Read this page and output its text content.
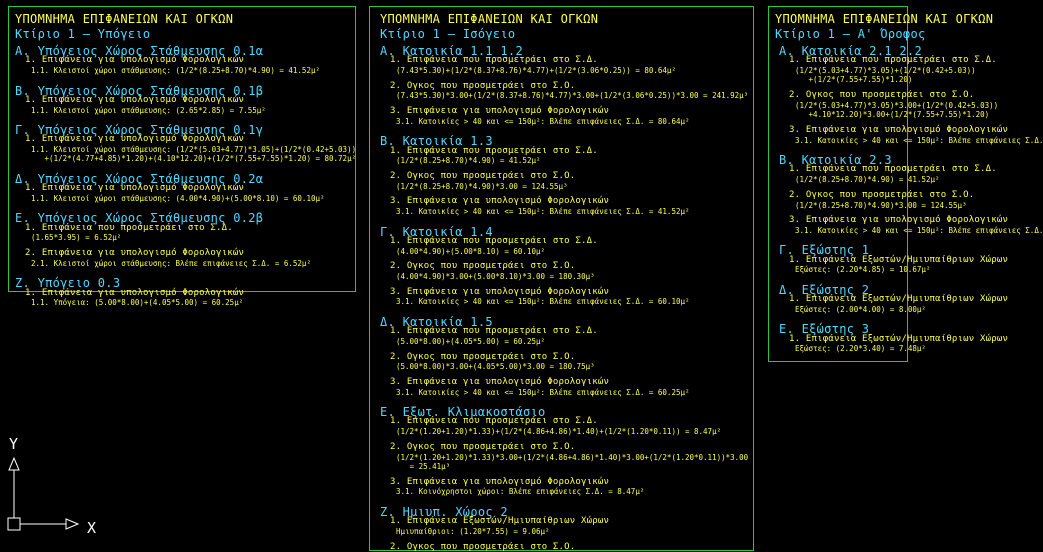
ΥΠΟΜΝΗΜΑ ΕΠΙΦΑΝΕΙΩΝ ΚΑΙ ΟΓΚΩΝ
Κτίριο 1 – Υπόγειο
Α. Υπόγειος Χώρος Στάθμευσης 0.1α
1. Επιφάνεια για υπολογισμό Φορολογικών
1.1. Κλειστοί χώροι στάθμευσης: (1/2*(8.25+8.70)*4.90) = 41.52μ²
Β. Υπόγειος Χώρος Στάθμευσης 0.1β
1. Επιφάνεια για υπολογισμό Φορολογικών
1.1. Κλειστοί χώροι στάθμευσης: (2.65*2.85) = 7.55μ²
Γ. Υπόγειος Χώρος Στάθμευσης 0.1γ
1. Επιφάνεια για υπολογισμό Φορολογικών
1.1. Κλειστοί χώροι στάθμευσης: (1/2*(5.03+4.77)*3.05)+(1/2*(0.42+5.03))
+(1/2*(4.77+4.85)*1.20)+(4.10*12.20)+(1/2*(7.55+7.55)*1.20) = 80.72μ²
Δ. Υπόγειος Χώρος Στάθμευσης 0.2α
1. Επιφάνεια για υπολογισμό Φορολογικών
1.1. Κλειστοί χώροι στάθμευσης: (4.00*4.90)+(5.00*8.10) = 60.10μ²
Ε. Υπόγειος Χώρος Στάθμευσης 0.2β
1. Επιφάνεια που προσμετράει στο Σ.Δ.
(1.65*3.95) = 6.52μ²
2. Επιφάνεια για υπολογισμό Φορολογικών
2.1. Κλειστοί χώροι στάθμευσης: Βλέπε επιφάνειες Σ.Δ. = 6.52μ²
Ζ. Υπόγειο 0.3
1. Επιφάνεια για υπολογισμό Φορολογικών
1.1. Υπόγεια: (5.00*8.00)+(4.05*5.00) = 60.25μ²
ΥΠΟΜΝΗΜΑ ΕΠΙΦΑΝΕΙΩΝ ΚΑΙ ΟΓΚΩΝ
Κτίριο 1 – Ισόγειο
Α. Κατοικία 1.1_1.2
1. Επιφάνεια που προσμετράει στο Σ.Δ.
(7.43*5.30)+(1/2*(8.37+8.76)*4.77)+(1/2*(3.06*0.25)) = 80.64μ²
2. Ογκος που προσμετράει στο Σ.Ο.
(7.43*5.30)*3.00+(1/2*(8.37+8.76)*4.77)*3.00+(1/2*(3.06*0.25))*3.00 = 241.92μ³
3. Επιφάνεια για υπολογισμό Φορολογικών
3.1. Κατοικίες > 40 και <= 150μ²: Βλέπε επιφάνειες Σ.Δ. = 80.64μ²
Β. Κατοικία 1.3
1. Επιφάνεια που προσμετράει στο Σ.Δ.
(1/2*(8.25+8.70)*4.90) = 41.52μ²
2. Ογκος που προσμετράει στο Σ.Ο.
(1/2*(8.25+8.70)*4.90)*3.00 = 124.55μ³
3. Επιφάνεια για υπολογισμό Φορολογικών
3.1. Κατοικίες > 40 και <= 150μ²: Βλέπε επιφάνειες Σ.Δ. = 41.52μ²
Γ. Κατοικία 1.4
1. Επιφάνεια που προσμετράει στο Σ.Δ.
(4.00*4.90)+(5.00*8.10) = 60.10μ²
2. Ογκος που προσμετράει στο Σ.Ο.
(4.00*4.90)*3.00+(5.00*8.10)*3.00 = 180.30μ³
3. Επιφάνεια για υπολογισμό Φορολογικών
3.1. Κατοικίες > 40 και <= 150μ²: Βλέπε επιφάνειες Σ.Δ. = 60.10μ²
Δ. Κατοικία 1.5
1. Επιφάνεια που προσμετράει στο Σ.Δ.
(5.00*8.00)+(4.05*5.00) = 60.25μ²
2. Ογκος που προσμετράει στο Σ.Ο.
(5.00*8.00)*3.00+(4.05*5.00)*3.00 = 180.75μ³
3. Επιφάνεια για υπολογισμό Φορολογικών
3.1. Κατοικίες > 40 και <= 150μ²: Βλέπε επιφάνειες Σ.Δ. = 60.25μ²
Ε. Εξωτ. Κλιμακοστάσιο
1. Επιφάνεια που προσμετράει στο Σ.Δ.
(1/2*(1.20+1.20)*1.33)+(1/2*(4.86+4.86)*1.40)+(1/2*(1.20*0.11)) = 8.47μ²
2. Ογκος που προσμετράει στο Σ.Ο.
(1/2*(1.20+1.20)*1.33)*3.00+(1/2*(4.86+4.86)*1.40)*3.00+(1/2*(1.20*0.11))*3.00
= 25.41μ³
3. Επιφάνεια για υπολογισμό Φορολογικών
3.1. Κοινόχρηστοι χώροι: Βλέπε επιφάνειες Σ.Δ. = 8.47μ²
Ζ. Ημιυπ. Χώρος 2
1. Επιφάνεια Εξωστών/Ημιυπαίθριων Χώρων
Ημιυπαίθριοι: (1.20*7.55) = 9.06μ²
2. Ογκος που προσμετράει στο Σ.Ο.
ΥΠΟΜΝΗΜΑ ΕΠΙΦΑΝΕΙΩΝ ΚΑΙ ΟΓΚΩΝ
Κτίριο 1 – Α' Όροφος
Α. Κατοικία 2.1_2.2
1. Επιφάνεια που προσμετράει στο Σ.Δ.
(1/2*(5.03+4.77)*3.05)+(1/2*(0.42+5.03))
+(1/2*(7.55+7.55)*1.20)
2. Ογκος που προσμετράει στο Σ.Ο.
(1/2*(5.03+4.77)*3.05)*3.00+(1/2*(0.42+5.03))
+4.10*12.20)*3.00+(1/2*(7.55+7.55)*1.20)
3. Επιφάνεια για υπολογισμό Φορολογικών
3.1. Κατοικίες > 40 και <= 150μ²: Βλέπε επιφάνειες Σ.Δ.
Β. Κατοικία 2.3
1. Επιφάνεια που προσμετράει στο Σ.Δ.
(1/2*(8.25+8.70)*4.90) = 41.52μ²
2. Ογκος που προσμετράει στο Σ.Ο.
(1/2*(8.25+8.70)*4.90)*3.00 = 124.55μ³
3. Επιφάνεια για υπολογισμό Φορολογικών
3.1. Κατοικίες > 40 και <= 150μ²: Βλέπε επιφάνειες Σ.Δ.
Γ. Εξώστης 1
1. Επιφάνεια Εξωστών/Ημιυπαίθριων Χώρων
Εξώστες: (2.20*4.85) = 10.67μ²
Δ. Εξώστης 2
1. Επιφάνεια Εξωστών/Ημιυπαίθριων Χώρων
Εξώστες: (2.00*4.00) = 8.00μ²
Ε. Εξώστης 3
1. Επιφάνεια Εξωστών/Ημιυπαίθριων Χώρων
Εξώστες: (2.20*3.40) = 7.48μ²
Y
X
